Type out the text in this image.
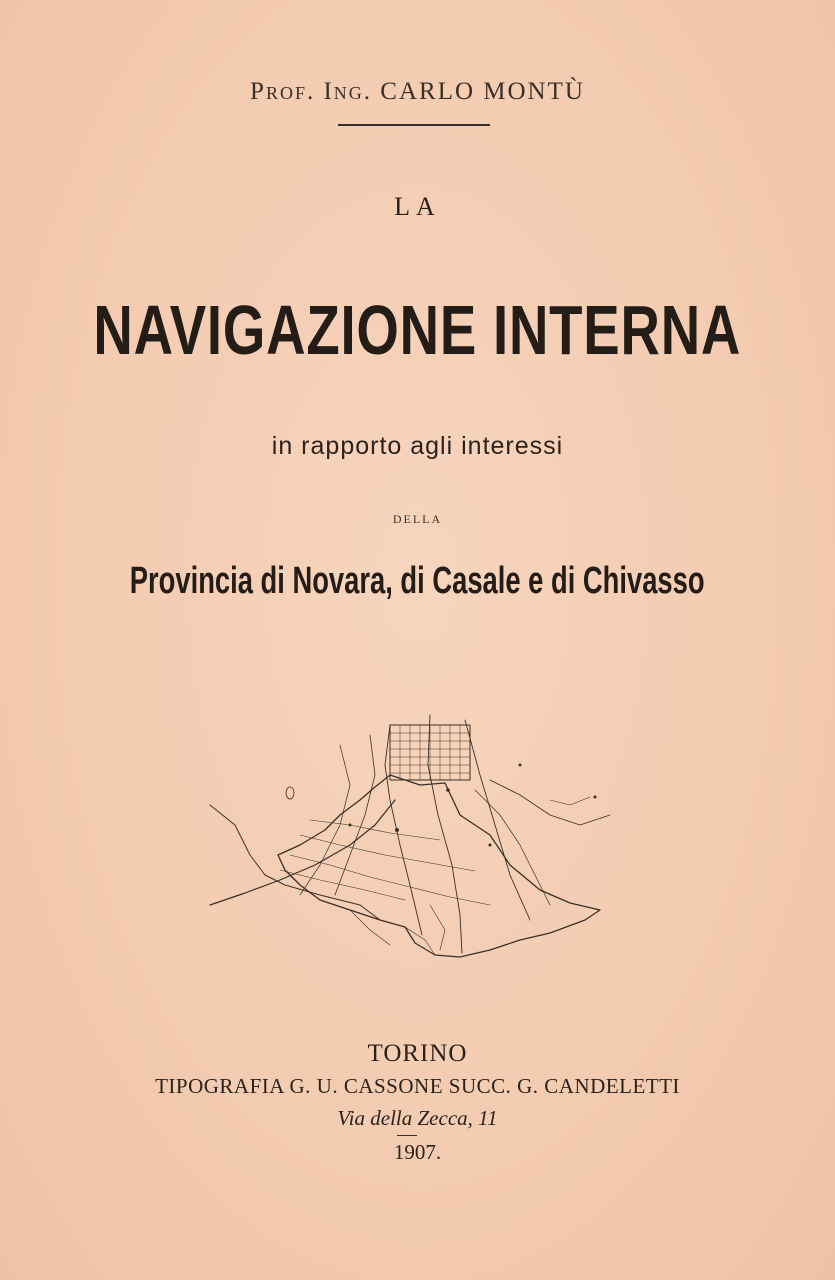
Prof. Ing. CARLO MONTÙ
LA
NAVIGAZIONE INTERNA
in rapporto agli interessi
DELLA
Provincia di Novara, di Casale e di Chivasso
TORINO
TIPOGRAFIA G. U. CASSONE SUCC. G. CANDELETTI
Via della Zecca, 11
1907.
